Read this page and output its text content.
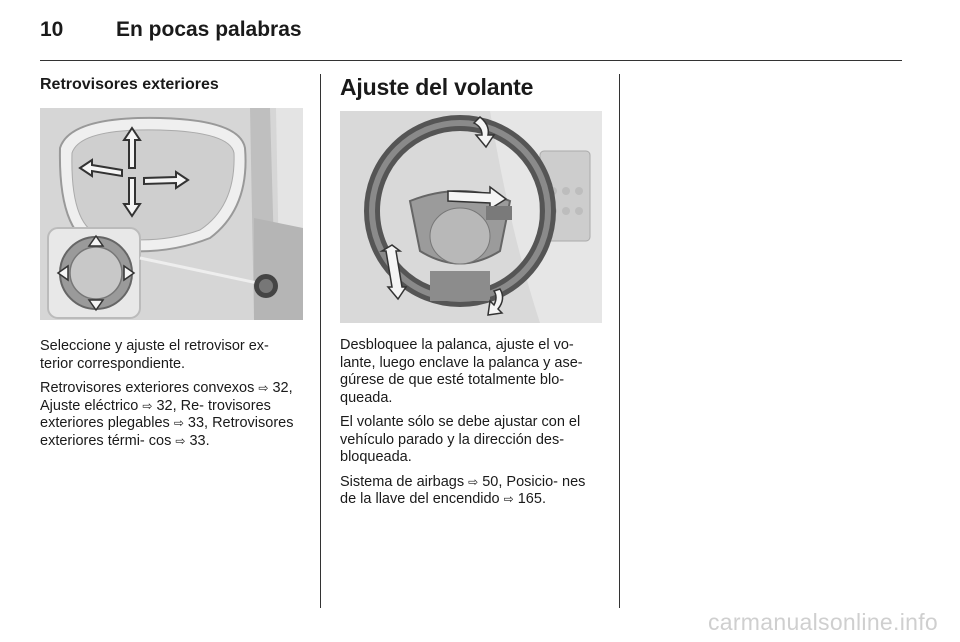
10	En pocas palabras
Retrovisores exteriores

Seleccione y ajuste el retrovisor ex- terior correspondiente.

Retrovisores exteriores convexos ⇨ 32, Ajuste eléctrico ⇨ 32, Re- trovisores exteriores plegables ⇨ 33, Retrovisores exteriores térmi- cos ⇨ 33.

Ajuste del volante

Desbloquee la palanca, ajuste el vo- lante, luego enclave la palanca y ase- gúrese de que esté totalmente blo- queada.

El volante sólo se debe ajustar con el vehículo parado y la dirección des- bloqueada.

Sistema de airbags ⇨ 50, Posicio- nes de la llave del encendido ⇨ 165.

carmanualsonline.info
